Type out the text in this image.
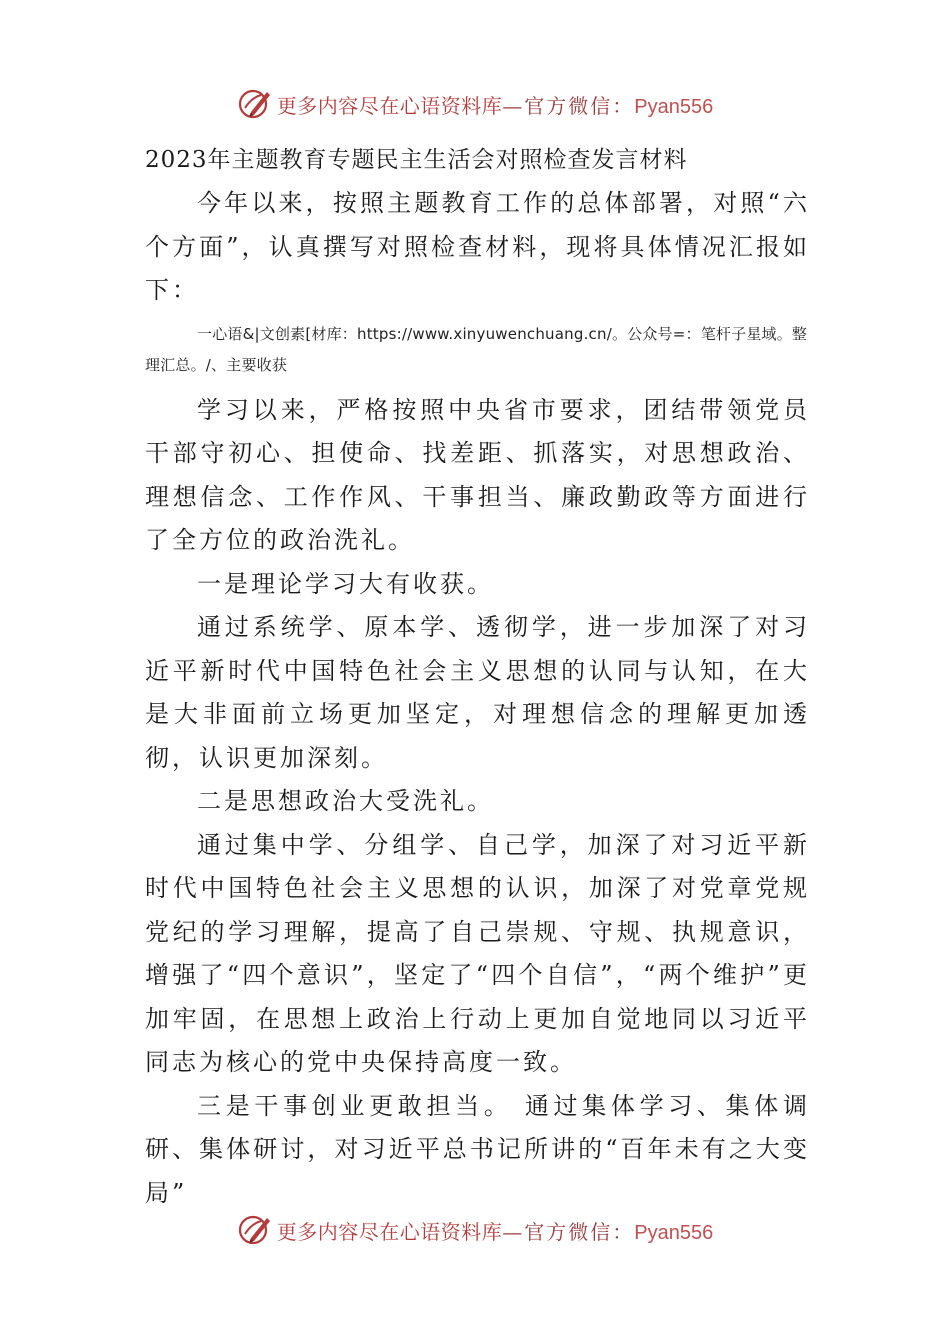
更多内容尽在心语资料库 —官方微信：Pyan556

2023年主题教育专题民主生活会对照检查发言材料

今年以来，按照主题教育工作的总体部署，对照“六个方面”，认真撰写对照检查材料，现将具体情况汇报如下：

一心语&|文创素[材库：https://www.xinyuwenchuang.cn/。公众号=：笔杆子星域。整理汇总。/、主要收获

学习以来，严格按照中央省市要求，团结带领党员干部守初心、担使命、找差距、抓落实，对思想政治、理想信念、工作作风、干事担当、廉政勤政等方面进行了全方位的政治洗礼。

一是理论学习大有收获。

通过系统学、原本学、透彻学，进一步加深了对习近平新时代中国特色社会主义思想的认同与认知，在大是大非面前立场更加坚定，对理想信念的理解更加透彻，认识更加深刻。

二是思想政治大受洗礼。

通过集中学、分组学、自己学，加深了对习近平新时代中国特色社会主义思想的认识，加深了对党章党规党纪的学习理解，提高了自己崇规、守规、执规意识，增强了“四个意识”，坚定了“四个自信”，“两个维护”更加牢固，在思想上政治上行动上更加自觉地同以习近平同志为核心的党中央保持高度一致。

三是干事创业更敢担当。 通过集体学习、集体调研、集体研讨，对习近平总书记所讲的“百年未有之大变局”

更多内容尽在心语资料库 —官方微信：Pyan556
